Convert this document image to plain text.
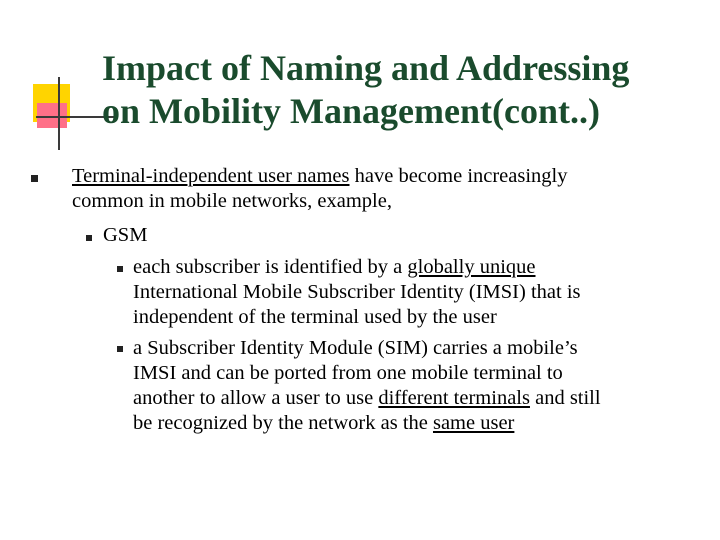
Impact of Naming and Addressing
on Mobility Management(cont..)
Terminal-independent user names have become increasingly
common in mobile networks, example,
GSM
each subscriber is identified by a globally unique
International Mobile Subscriber Identity (IMSI) that is
independent of the terminal used by the user
a Subscriber Identity Module (SIM) carries a mobile’s
IMSI and can be ported from one mobile terminal to
another to allow a user to use different terminals and still
be recognized by the network as the same user
